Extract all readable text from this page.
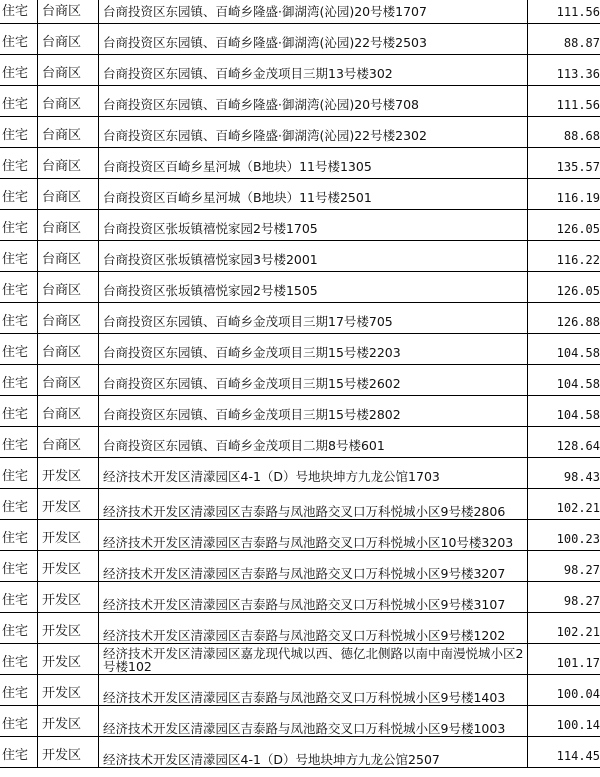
住宅	台商区	台商投资区东园镇、百崎乡隆盛·御湖湾(沁园)20号楼1707	111.56
住宅	台商区	台商投资区东园镇、百崎乡隆盛·御湖湾(沁园)22号楼2503	88.87
住宅	台商区	台商投资区东园镇、百崎乡金茂项目三期13号楼302	113.36
住宅	台商区	台商投资区东园镇、百崎乡隆盛·御湖湾(沁园)20号楼708	111.56
住宅	台商区	台商投资区东园镇、百崎乡隆盛·御湖湾(沁园)22号楼2302	88.68
住宅	台商区	台商投资区百崎乡星河城（B地块）11号楼1305	135.57
住宅	台商区	台商投资区百崎乡星河城（B地块）11号楼2501	116.19
住宅	台商区	台商投资区张坂镇禧悦家园2号楼1705	126.05
住宅	台商区	台商投资区张坂镇禧悦家园3号楼2001	116.22
住宅	台商区	台商投资区张坂镇禧悦家园2号楼1505	126.05
住宅	台商区	台商投资区东园镇、百崎乡金茂项目三期17号楼705	126.88
住宅	台商区	台商投资区东园镇、百崎乡金茂项目三期15号楼2203	104.58
住宅	台商区	台商投资区东园镇、百崎乡金茂项目三期15号楼2602	104.58
住宅	台商区	台商投资区东园镇、百崎乡金茂项目三期15号楼2802	104.58
住宅	台商区	台商投资区东园镇、百崎乡金茂项目二期8号楼601	128.64
住宅	开发区	经济技术开发区清濛园区4-1（D）号地块坤方九龙公馆1703	98.43
住宅	开发区	经济技术开发区清濛园区吉泰路与凤池路交叉口万科悦城小区9号楼2806	102.21
住宅	开发区	经济技术开发区清濛园区吉泰路与凤池路交叉口万科悦城小区10号楼3203	100.23
住宅	开发区	经济技术开发区清濛园区吉泰路与凤池路交叉口万科悦城小区9号楼3207	98.27
住宅	开发区	经济技术开发区清濛园区吉泰路与凤池路交叉口万科悦城小区9号楼3107	98.27
住宅	开发区	经济技术开发区清濛园区吉泰路与凤池路交叉口万科悦城小区9号楼1202	102.21
住宅	开发区	经济技术开发区清濛园区嘉龙现代城以西、德亿北侧路以南中南漫悦城小区2号楼102	101.17
住宅	开发区	经济技术开发区清濛园区吉泰路与凤池路交叉口万科悦城小区9号楼1403	100.04
住宅	开发区	经济技术开发区清濛园区吉泰路与凤池路交叉口万科悦城小区9号楼1003	100.14
住宅	开发区	经济技术开发区清濛园区4-1（D）号地块坤方九龙公馆2507	114.45
